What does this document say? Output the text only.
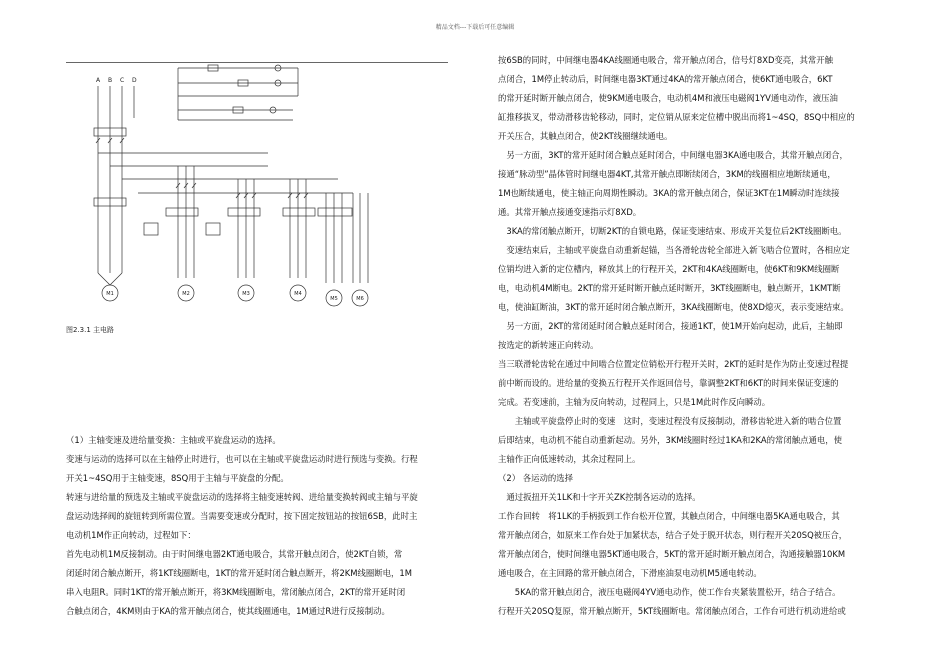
精品文档---下载后可任意编辑
A B C D
M1	M2	M3	M4
M5	M6
图2.3.1 主电路

（1）主轴变速及进给量变换：主轴或平旋盘运动的选择。

变速与运动的选择可以在主轴停止时进行，也可以在主轴或平旋盘运动时进行预选与变换。行程

开关1~4SQ用于主轴变速，8SQ用于主轴与平旋盘的分配。

转速与进给量的预选及主轴或平旋盘运动的选择将主轴变速转阀、进给量变换转阀或主轴与平旋

盘运动选择阀的旋钮转到所需位置。当需要变速或分配时，按下固定按钮站的按钮6SB，此时主

电动机1M作正向转动，过程如下：

首先电动机1M反接制动。由于时间继电器2KT通电吸合，其常开触点闭合，使2KT自锁，常

闭延时闭合触点断开，将1KT线圈断电，1KT的常开延时闭合触点断开，将2KM线圈断电，1M

串入电阻R。同时1KT的常开触点断开，将3KM线圈断电，常闭触点闭合，2KT的常开延时闭

合触点闭合，4KM则由于KA的常开触点闭合，使其线圈通电，1M通过R进行反接制动。

按6SB的同时，中间继电器4KA线圈通电吸合，常开触点闭合，信号灯8XD变亮，其常开触

点闭合，1M停止转动后，时间继电器3KT通过4KA的常开触点闭合，使6KT通电吸合，6KT

的常开延时断开触点闭合，使9KM通电吸合，电动机4M和液压电磁阀1YV通电动作，液压油

缸推移拔叉，带动滑移齿轮移动，同时，定位销从原来定位槽中脱出而将1~4SQ，8SQ中相应的

开关压合，其触点闭合，使2KT线圈继续通电。

　另一方面，3KT的常开延时闭合触点延时闭合，中间继电器3KA通电吸合，其常开触点闭合，

接通“脉动型”晶体管时间继电器4KT,其常开触点即断续闭合，3KM的线圈相应地断续通电，

1M也断续通电，使主轴正向周期性瞬动。3KA的常开触点闭合，保证3KT在1M瞬动时连续接

通。其常开触点接通变速指示灯8XD。

　3KA的常闭触点断开，切断2KT的自锁电路，保证变速结束、形成开关复位后2KT线圈断电。

　变速结束后，主轴或平旋盘自动重新起锚，当各滑轮齿轮全部进入新飞啮合位置时，各相应定

位销均进入新的定位槽内，释放其上的行程开关，2KT和4KA线圈断电，使6KT和9KM线圈断

电，电动机4M断电。2KT的常开延时断开触点延时断开，3KT线圈断电，触点断开，1KMT断

电，使油缸断油，3KT的常开延时闭合触点断开，3KA线圈断电，使8XD熄灭，表示变速结束。

　另一方面，2KT的常闭延时闭合触点延时闭合，接通1KT，使1M开始向起动，此后，主轴即

按选定的新转速正向转动。

当三联滑轮齿轮在通过中间啮合位置定位销松开行程开关时，2KT的延时是作为防止变速过程提

前中断而设的。进给量的变换五行程开关作返回信号，靠调整2KT和6KT的时间来保证变速的

完成。若变速前，主轴为反向转动，过程同上，只是1M此时作反向瞬动。

　　主轴或平旋盘停止时的变速　这时，变速过程没有反接制动，滑移齿轮进入新的啮合位置

后即结束，电动机不能自动重新起动。另外，3KM线圈时经过1KA和2KA的常闭触点通电，使

主轴作正向低速转动，其余过程同上。

（2） 各运动的选择

　通过扳扭开关1LK和十字开关ZK控制各运动的选择。

工作台回转　将1LK的手柄扳到工作台松开位置，其触点闭合，中间继电器5KA通电吸合，其

常开触点闭合，如原来工作台处于加紧状态，结合子处于脱开状态，则行程开关20SQ被压合，

常开触点闭合，使时间继电器5KT通电吸合，5KT的常开延时断开触点闭合，沟通接触器10KM

通电吸合，在主回路的常开触点闭合，下滑座油泵电动机M5通电转动。

　　5KA的常开触点闭合，液压电磁阀4YV通电动作，使工作台夹紧装置松开，结合子结合。

行程开关20SQ复原，常开触点断开，5KT线圈断电。常闭触点闭合，工作台可进行机动进给或
